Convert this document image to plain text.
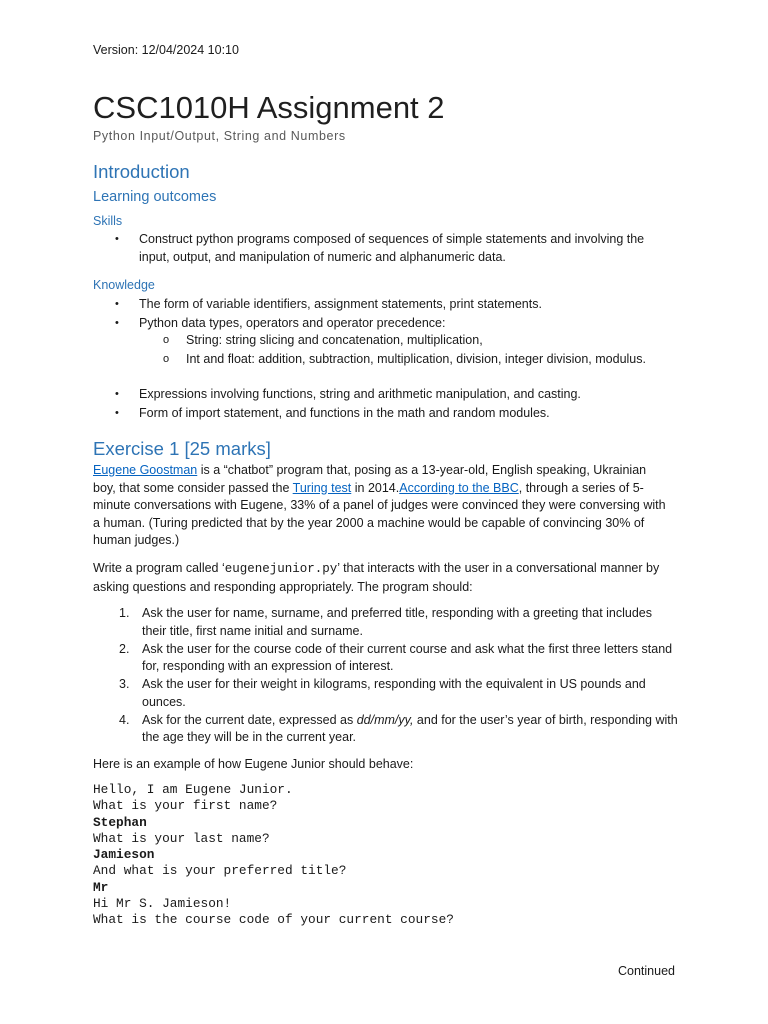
Version: 12/04/2024 10:10
CSC1010H Assignment 2
Python Input/Output, String and Numbers
Introduction
Learning outcomes
Skills
• Construct python programs composed of sequences of simple statements and involving the input, output, and manipulation of numeric and alphanumeric data.
Knowledge
• The form of variable identifiers, assignment statements, print statements.
• Python data types, operators and operator precedence:
o String: string slicing and concatenation, multiplication,
o Int and float: addition, subtraction, multiplication, division, integer division, modulus.
• Expressions involving functions, string and arithmetic manipulation, and casting.
• Form of import statement, and functions in the math and random modules.
Exercise 1 [25 marks]

Eugene Goostman is a “chatbot” program that, posing as a 13-year-old, English speaking, Ukrainian boy, that some consider passed the Turing test in 2014.According to the BBC, through a series of 5-minute conversations with Eugene, 33% of a panel of judges were convinced they were conversing with a human. (Turing predicted that by the year 2000 a machine would be capable of convincing 30% of human judges.)

Write a program called ‘eugenejunior.py’ that interacts with the user in a conversational manner by asking questions and responding appropriately. The program should:

1. Ask the user for name, surname, and preferred title, responding with a greeting that includes their title, first name initial and surname.
2. Ask the user for the course code of their current course and ask what the first three letters stand for, responding with an expression of interest.
3. Ask the user for their weight in kilograms, responding with the equivalent in US pounds and ounces.
4. Ask for the current date, expressed as dd/mm/yy, and for the user’s year of birth, responding with the age they will be in the current year.

Here is an example of how Eugene Junior should behave:

Hello, I am Eugene Junior.
What is your first name?
Stephan
What is your last name?
Jamieson
And what is your preferred title?
Mr
Hi Mr S. Jamieson!
What is the course code of your current course?
Continued
